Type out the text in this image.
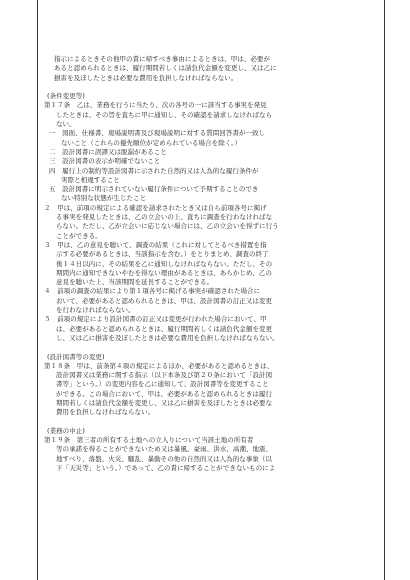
指示によるときその他甲の責に帰すべき事由によるときは、甲は、必要が

あると認められるときは、履行期間若しくは請負代金額を変更し、又は乙に

損害を及ぼしたときは必要な費用を負担しなければならない。

(条件変更等)

第１７条　乙は、業務を行うに当たり、次の各号の一に該当する事実を発見

したときは、その旨を直ちに甲に通知し、その確認を請求しなければなら

ない。

一　図面、仕様書、現場説明書及び現場説明に対する質問回答書が一致し

ないこと（これらの優先順位が定められている場合を除く。）

二　設計図書に誤謬又は脱漏があること

三　設計図書の表示が明確でないこと

四　履行上の制約等設計図書に示された自然的又は人為的な履行条件が

実際と相違すること

五　設計図書に明示されていない履行条件について予期することのでき

ない特別な状態が生じたこと

２　甲は、前項の規定による確認を請求されたとき又は自ら前項各号に掲げ

る事実を発見したときは、乙の立会いの上、直ちに調査を行わなければな

らない。ただし、乙が立会いに応じない場合には、乙の立会いを得ずに行う

ことができる。

３　甲は、乙の意見を聴いて、調査の結果（これに対してとるべき措置を指

示する必要があるときは、当該指示を含む。）をとりまとめ、調査の終了

後１４日以内に、その結果を乙に通知しなければならない。ただし、その

期間内に通知できないやむを得ない理由があるときは、あらかじめ、乙の

意見を聴いた上、当該期間を延長することができる。

４　前項の調査の結果により第１項各号に掲げる事実が確認された場合に

おいて、必要があると認められるときは、甲は、設計図書の訂正又は変更

を行わなければならない。

５　前項の規定により設計図書の訂正又は変更が行われた場合において、甲

は、必要があると認められるときは、履行期間若しくは請負代金額を変更

し、又は乙に損害を及ぼしたときは必要な費用を負担しなければならない。

(設計図書等の変更)

第１８条　甲は、前条第４項の規定によるほか、必要があると認めるときは、

設計図書又は業務に関する指示（以下本条及び第２０条において「設計図

書等」という。）の変更内容を乙に通知して、設計図書等を変更すること

ができる。この場合において、甲は、必要があると認められるときは履行

期間若しくは請負代金額を変更し、又は乙に損害を及ぼしたときは必要な

費用を負担しなければならない。

(業務の中止)

第１９条　第三者の所有する土地への立入りについて当該土地の所有者

等の承諾を得ることができないため又は暴風、豪雨、洪水、高潮、地震、

地すべり、落盤、火災、騒乱、暴動その他の自然的又は人為的な事象（以

下「天災等」という。）であって、乙の責に帰することができないものによ
